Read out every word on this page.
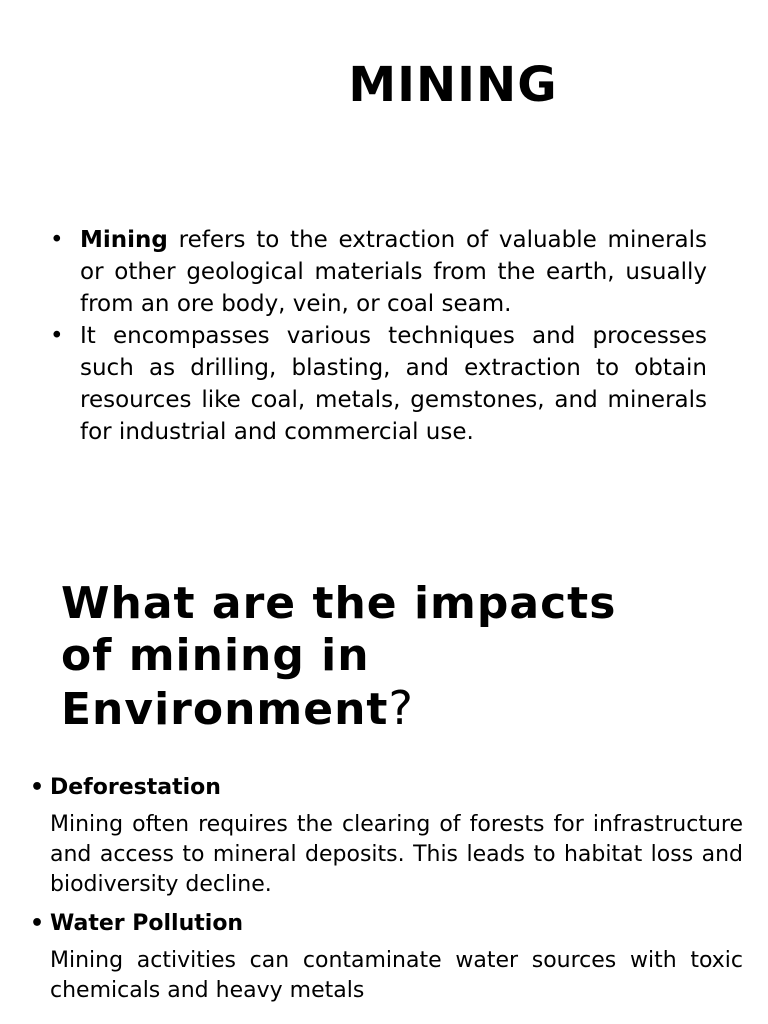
MINING
• Mining refers to the extraction of valuable minerals or other geological materials from the earth, usually from an ore body, vein, or coal seam.
• It encompasses various techniques and processes such as drilling, blasting, and extraction to obtain resources like coal, metals, gemstones, and minerals for industrial and commercial use.
What are the impacts
of mining in
Environment?
• Deforestation

Mining often requires the clearing of forests for infrastructure and access to mineral deposits. This leads to habitat loss and biodiversity decline.

• Water Pollution

Mining activities can contaminate water sources with toxic chemicals and heavy metals
